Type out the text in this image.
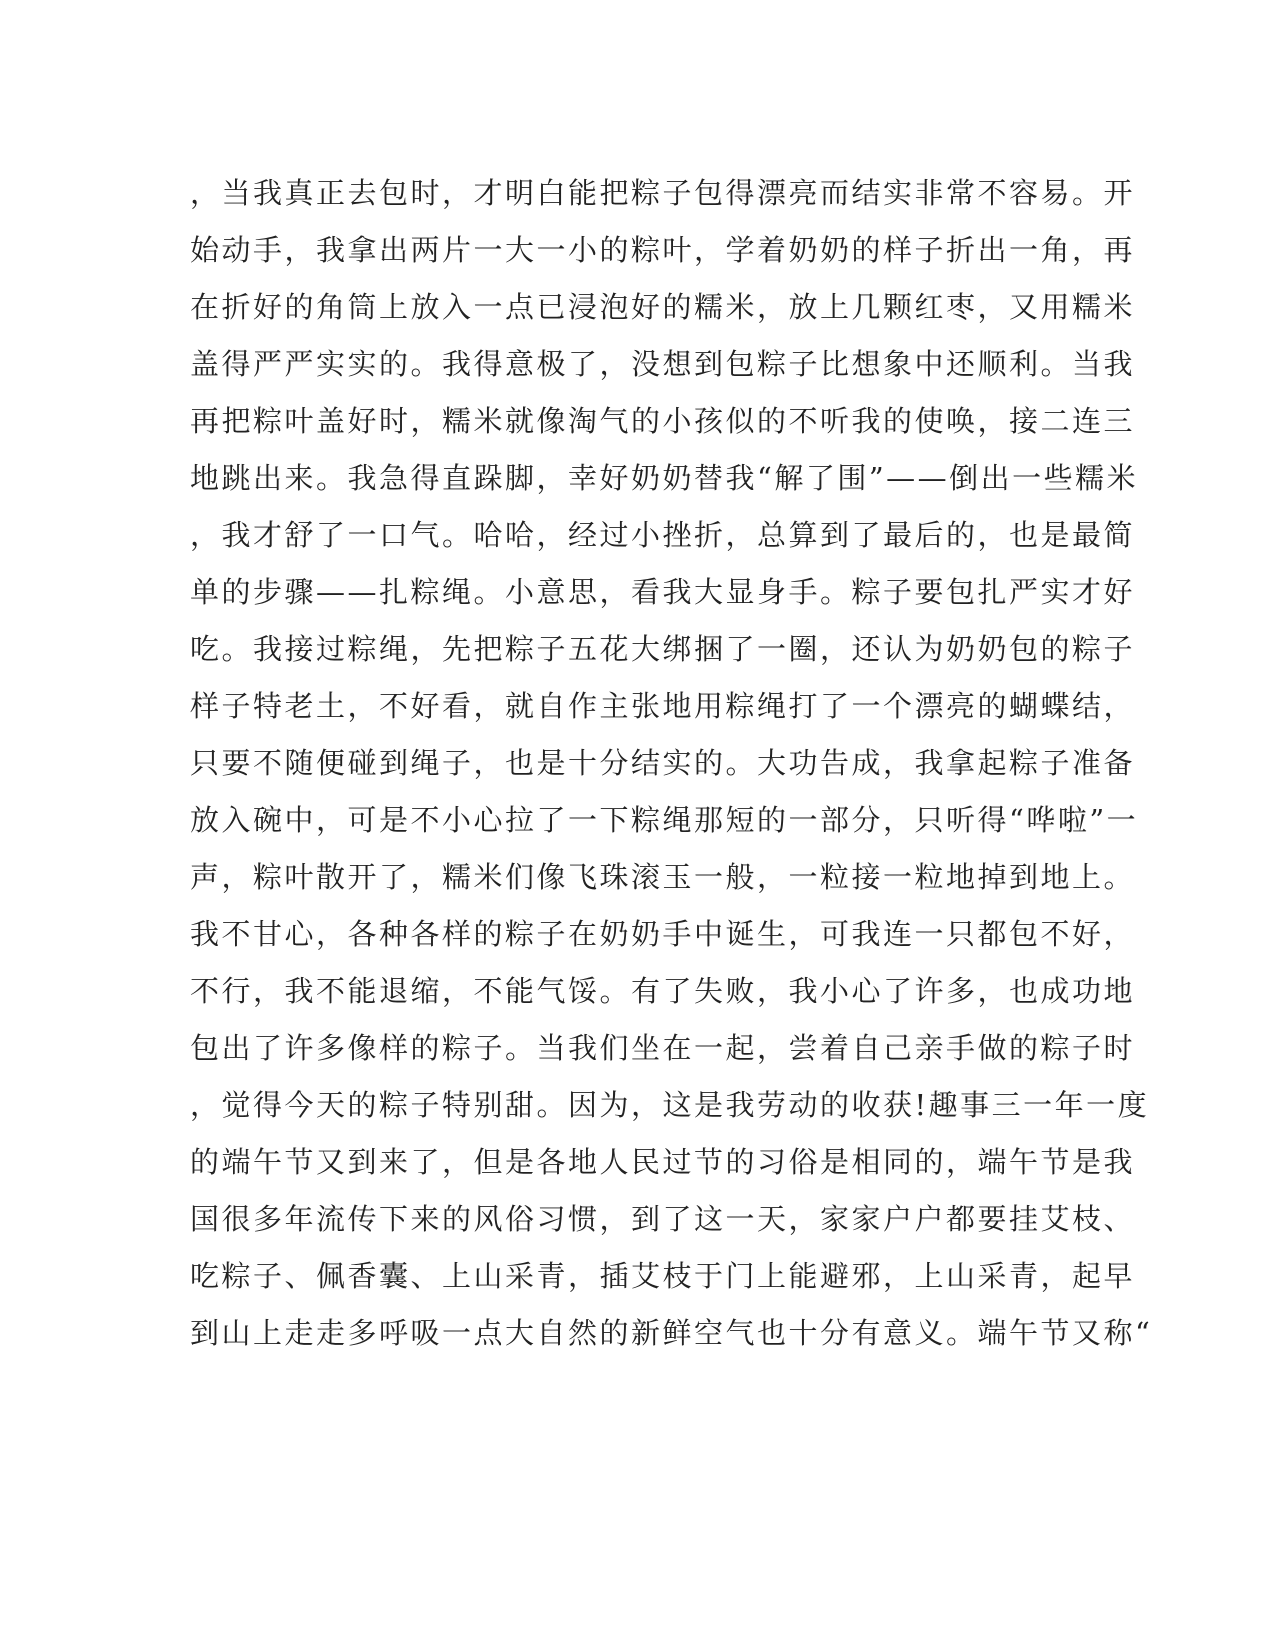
，当我真正去包时，才明白能把粽子包得漂亮而结实非常不容易。开
始动手，我拿出两片一大一小的粽叶，学着奶奶的样子折出一角，再
在折好的角筒上放入一点已浸泡好的糯米，放上几颗红枣，又用糯米
盖得严严实实的。我得意极了，没想到包粽子比想象中还顺利。当我
再把粽叶盖好时，糯米就像淘气的小孩似的不听我的使唤，接二连三
地跳出来。我急得直跺脚，幸好奶奶替我“解了围”——倒出一些糯米
，我才舒了一口气。哈哈，经过小挫折，总算到了最后的，也是最简
单的步骤——扎粽绳。小意思，看我大显身手。粽子要包扎严实才好
吃。我接过粽绳，先把粽子五花大绑捆了一圈，还认为奶奶包的粽子
样子特老土，不好看，就自作主张地用粽绳打了一个漂亮的蝴蝶结，
只要不随便碰到绳子，也是十分结实的。大功告成，我拿起粽子准备
放入碗中，可是不小心拉了一下粽绳那短的一部分，只听得“哗啦”一
声，粽叶散开了，糯米们像飞珠滚玉一般，一粒接一粒地掉到地上。
我不甘心，各种各样的粽子在奶奶手中诞生，可我连一只都包不好，
不行，我不能退缩，不能气馁。有了失败，我小心了许多，也成功地
包出了许多像样的粽子。当我们坐在一起，尝着自己亲手做的粽子时
，觉得今天的粽子特别甜。因为，这是我劳动的收获!趣事三一年一度
的端午节又到来了，但是各地人民过节的习俗是相同的，端午节是我
国很多年流传下来的风俗习惯，到了这一天，家家户户都要挂艾枝、
吃粽子、佩香囊、上山采青，插艾枝于门上能避邪，上山采青，起早
到山上走走多呼吸一点大自然的新鲜空气也十分有意义。端午节又称“
